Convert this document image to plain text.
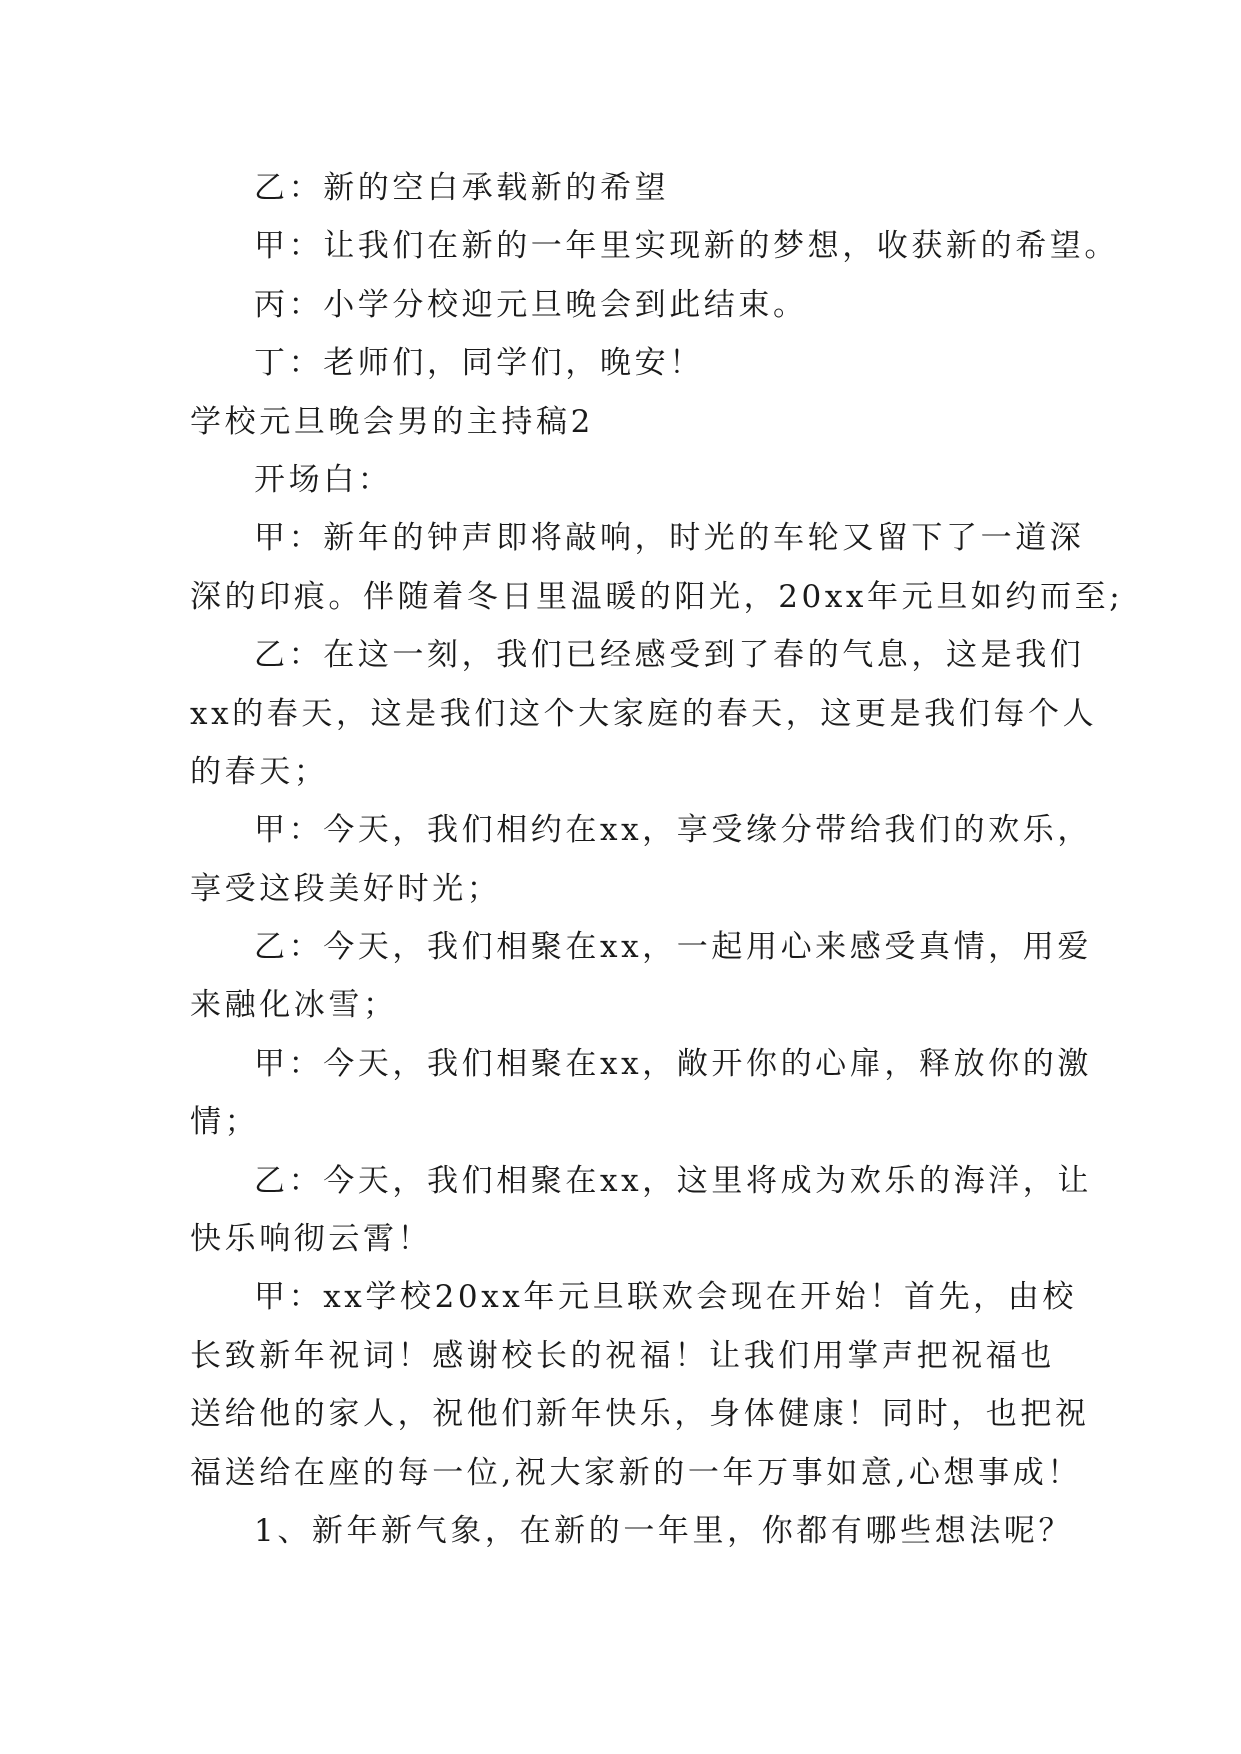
乙：新的空白承载新的希望
甲：让我们在新的一年里实现新的梦想，收获新的希望。
丙：小学分校迎元旦晚会到此结束。
丁：老师们，同学们，晚安！
学校元旦晚会男的主持稿2
开场白：
甲：新年的钟声即将敲响，时光的车轮又留下了一道深
深的印痕。伴随着冬日里温暖的阳光，20xx年元旦如约而至;
乙：在这一刻，我们已经感受到了春的气息，这是我们
xx的春天，这是我们这个大家庭的春天，这更是我们每个人
的春天；
甲：今天，我们相约在xx，享受缘分带给我们的欢乐，
享受这段美好时光；
乙：今天，我们相聚在xx，一起用心来感受真情，用爱
来融化冰雪；
甲：今天，我们相聚在xx，敞开你的心扉，释放你的激
情；
乙：今天，我们相聚在xx，这里将成为欢乐的海洋，让
快乐响彻云霄！
甲：xx学校20xx年元旦联欢会现在开始！首先，由校
长致新年祝词！感谢校长的祝福！让我们用掌声把祝福也
送给他的家人，祝他们新年快乐，身体健康！同时，也把祝
福送给在座的每一位,祝大家新的一年万事如意,心想事成！
1、新年新气象，在新的一年里，你都有哪些想法呢？
